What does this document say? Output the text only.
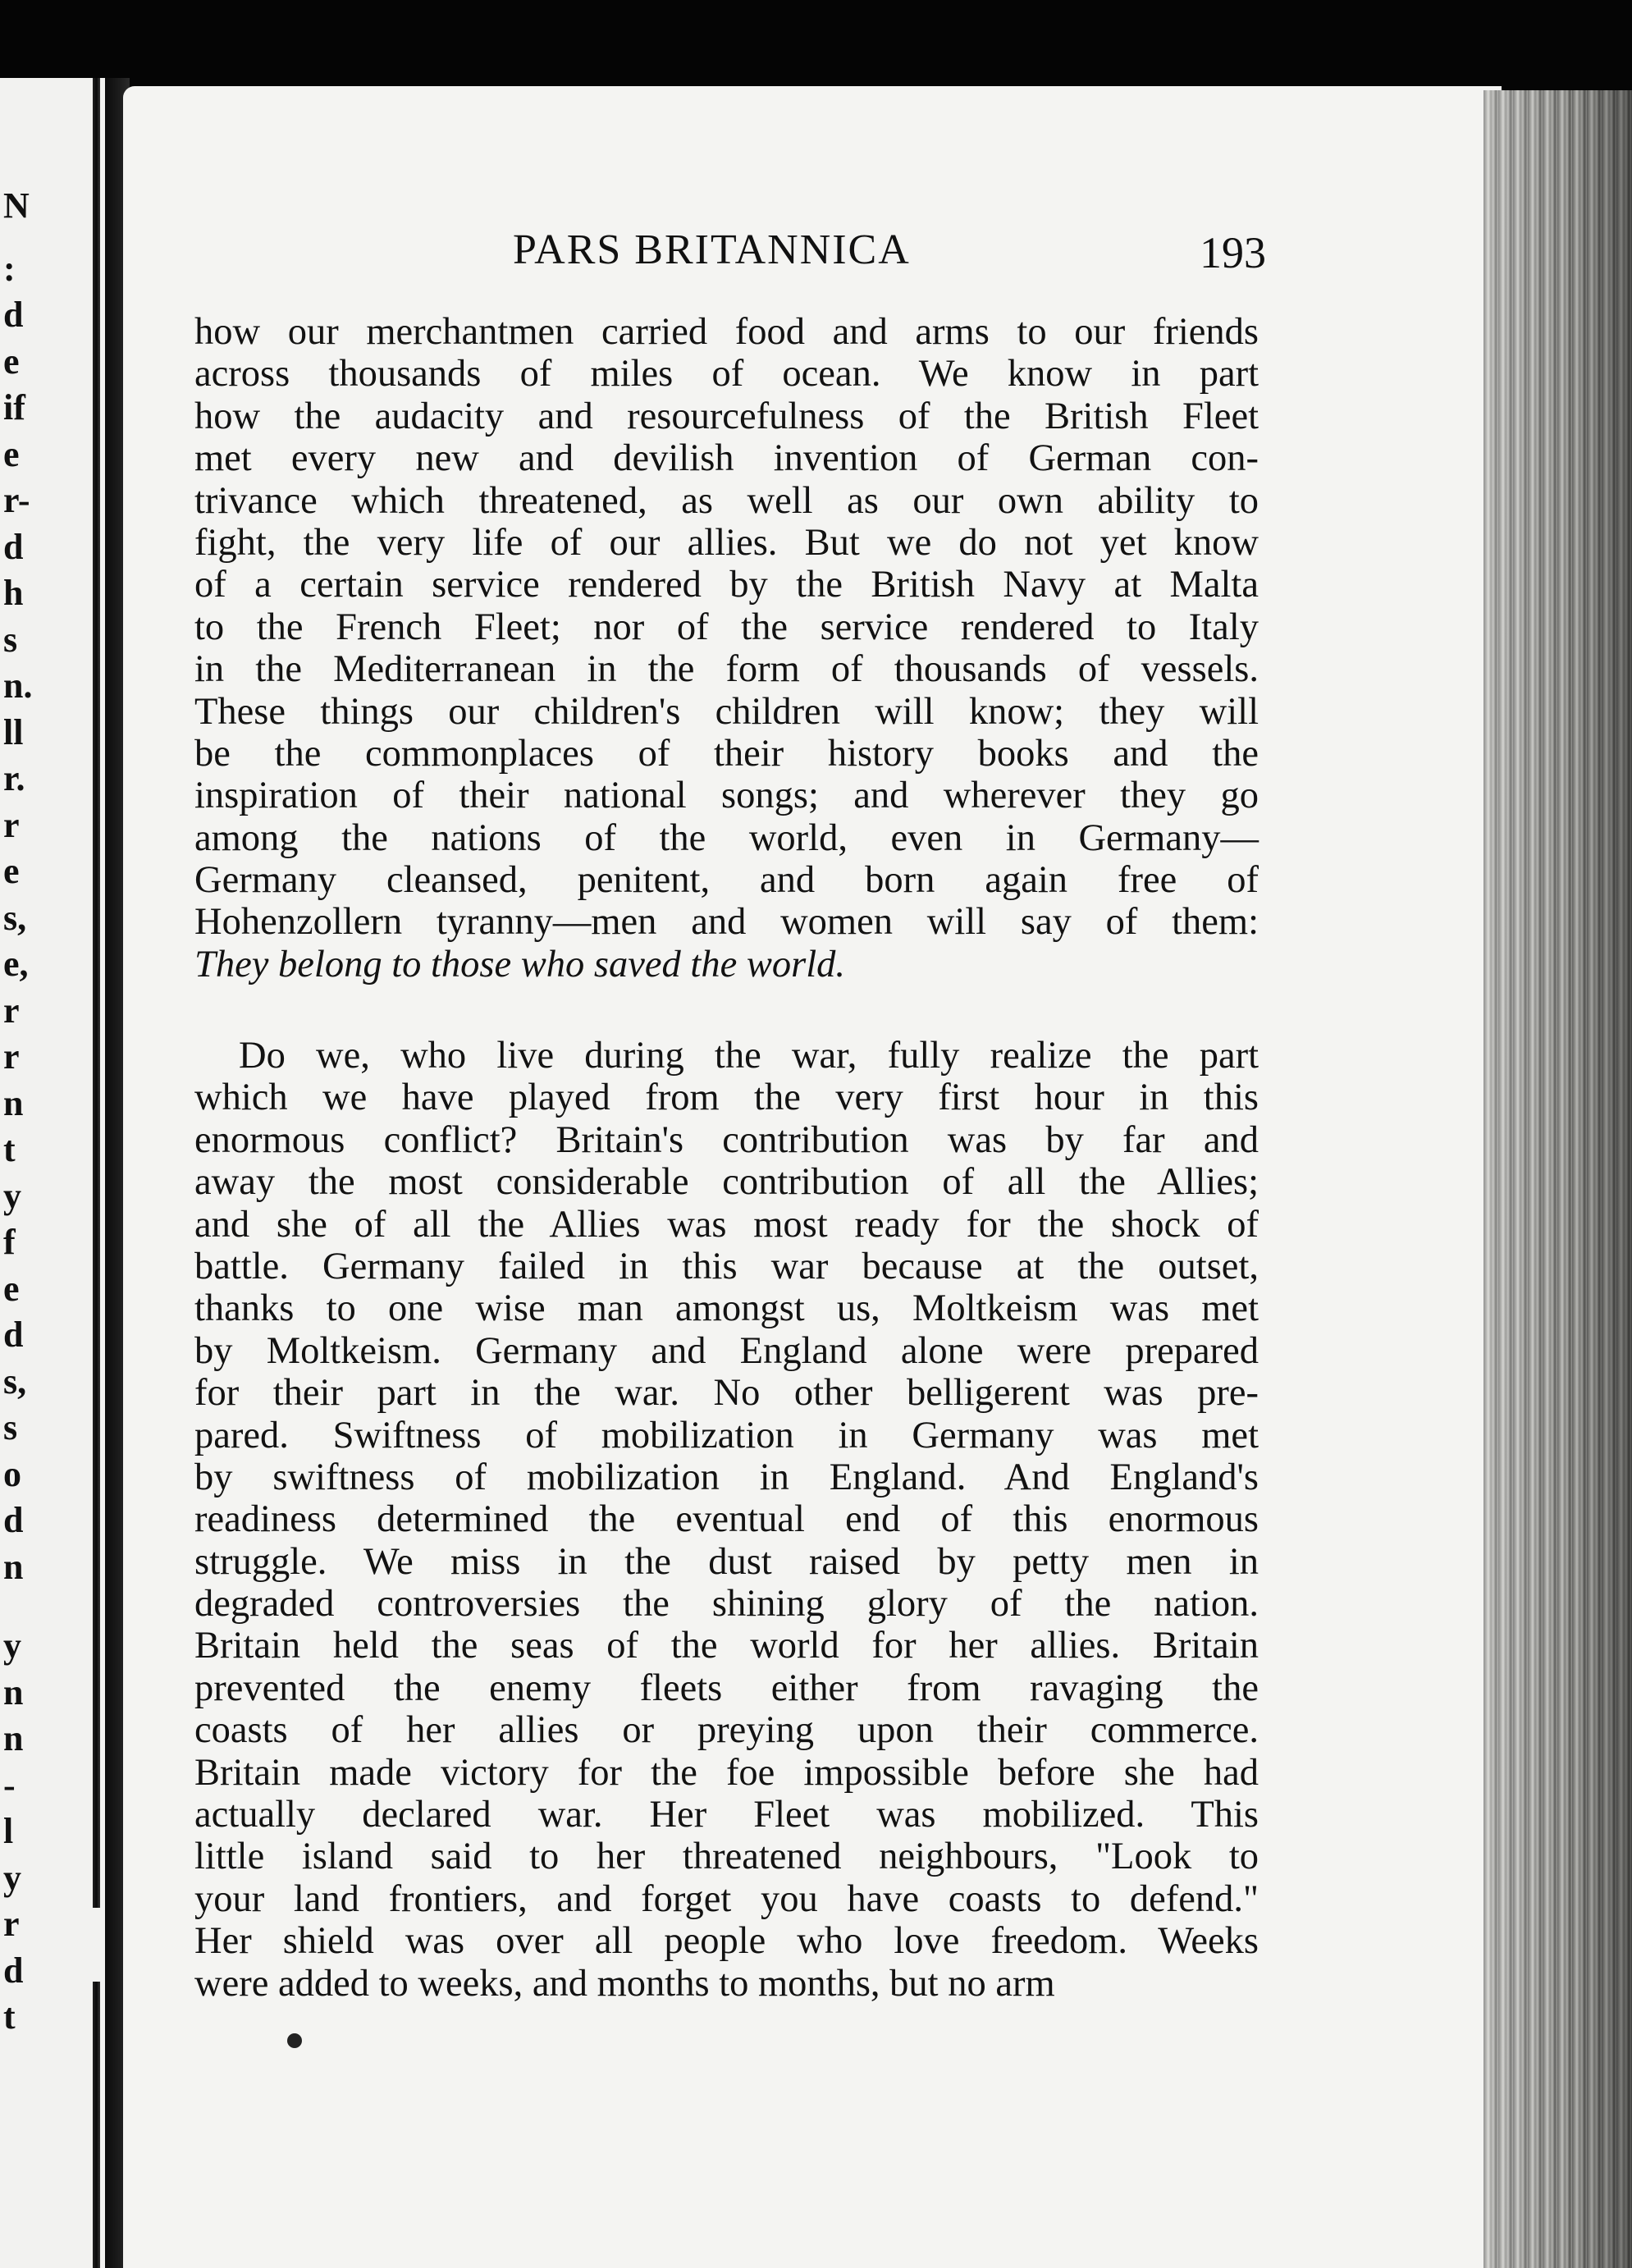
N
:
d
e
if
e
r-
d
h
s
n.
ll
r.
r
e
s,
e,
r
r
n
t
y
f
e
d
s,
s
o
d
n
y
n
n
-
l
y
r
d
t
PARS BRITANNICA	193
how our merchantmen carried food and arms to our friends
across thousands of miles of ocean. We know in part
how the audacity and resourcefulness of the British Fleet
met every new and devilish invention of German con-
trivance which threatened, as well as our own ability to
fight, the very life of our allies. But we do not yet know
of a certain service rendered by the British Navy at Malta
to the French Fleet; nor of the service rendered to Italy
in the Mediterranean in the form of thousands of vessels.
These things our children's children will know; they will
be the commonplaces of their history books and the
inspiration of their national songs; and wherever they go
among the nations of the world, even in Germany—
Germany cleansed, penitent, and born again free of
Hohenzollern tyranny—men and women will say of them:
They belong to those who saved the world.
Do we, who live during the war, fully realize the part
which we have played from the very first hour in this
enormous conflict? Britain's contribution was by far and
away the most considerable contribution of all the Allies;
and she of all the Allies was most ready for the shock of
battle. Germany failed in this war because at the outset,
thanks to one wise man amongst us, Moltkeism was met
by Moltkeism. Germany and England alone were prepared
for their part in the war. No other belligerent was pre-
pared. Swiftness of mobilization in Germany was met
by swiftness of mobilization in England. And England's
readiness determined the eventual end of this enormous
struggle. We miss in the dust raised by petty men in
degraded controversies the shining glory of the nation.
Britain held the seas of the world for her allies. Britain
prevented the enemy fleets either from ravaging the
coasts of her allies or preying upon their commerce.
Britain made victory for the foe impossible before she had
actually declared war. Her Fleet was mobilized. This
little island said to her threatened neighbours, "Look to
your land frontiers, and forget you have coasts to defend."
Her shield was over all people who love freedom. Weeks
were added to weeks, and months to months, but no arm
